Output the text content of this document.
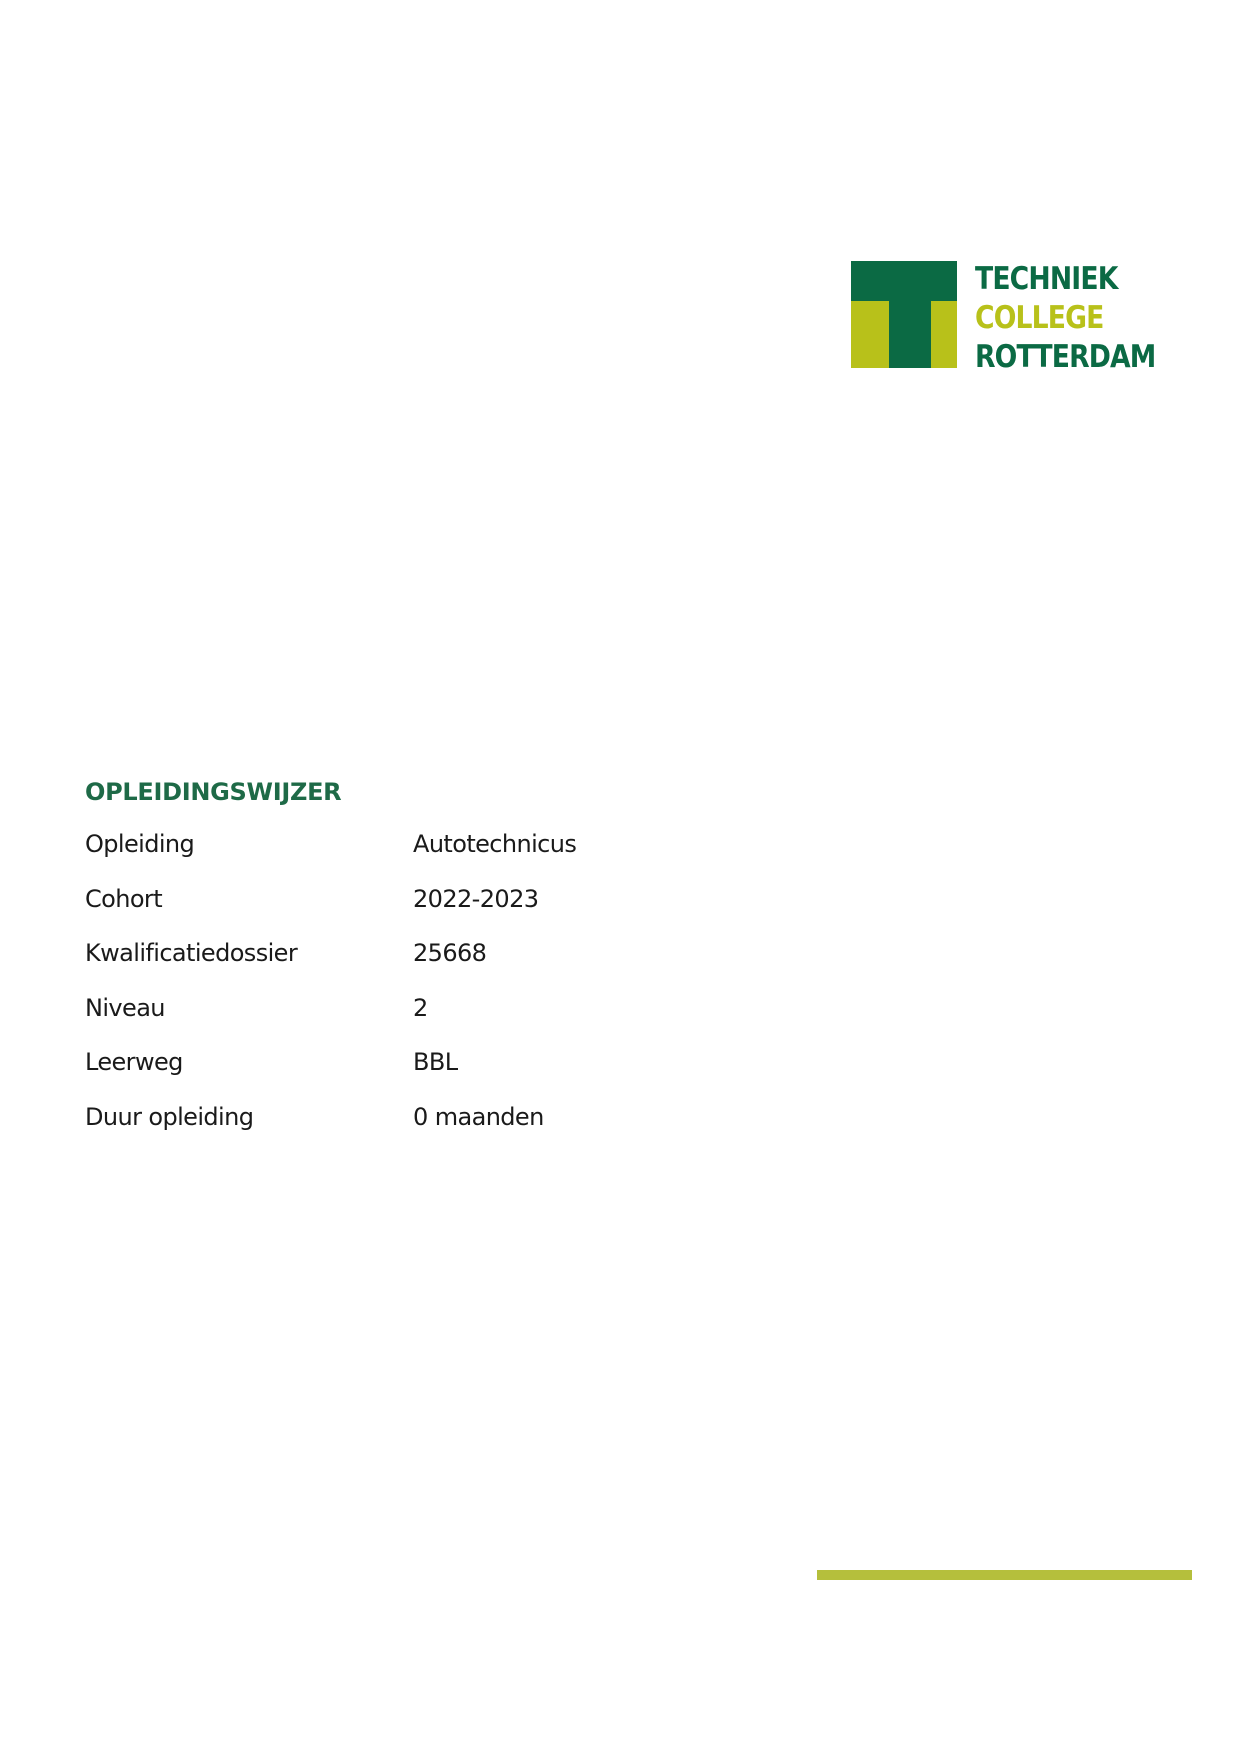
TECHNIEK
COLLEGE
ROTTERDAM
OPLEIDINGSWIJZER
Opleiding	Autotechnicus
Cohort	2022-2023
Kwalificatiedossier	25668
Niveau	2
Leerweg	BBL
Duur opleiding	0 maanden
